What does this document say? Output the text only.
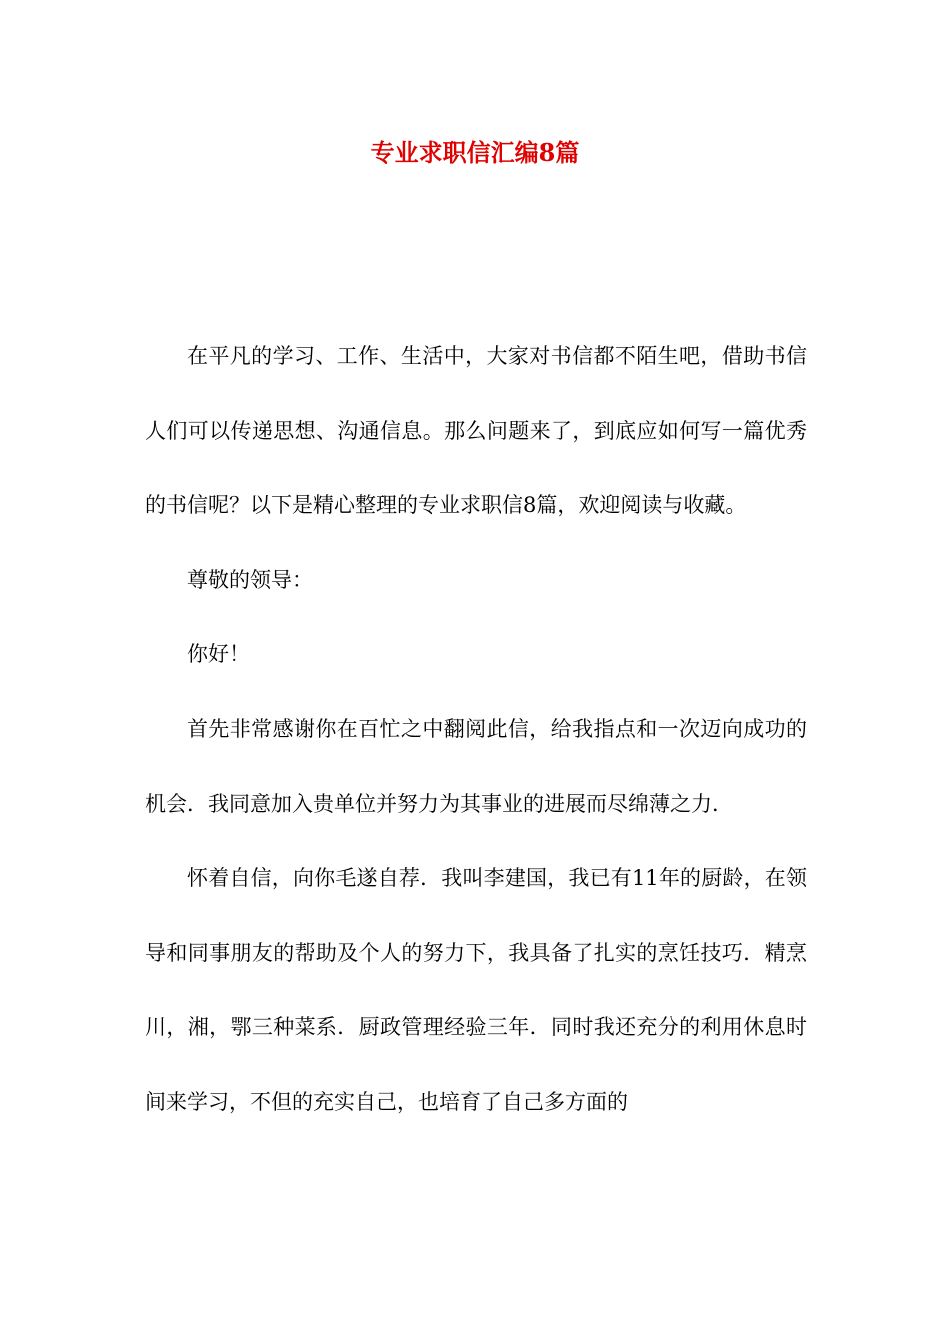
专业求职信汇编8篇

在平凡的学习、工作、生活中，大家对书信都不陌生吧，借助书信人们可以传递思想、沟通信息。那么问题来了，到底应如何写一篇优秀的书信呢？以下是精心整理的专业求职信8篇，欢迎阅读与收藏。

尊敬的领导：

你好！

首先非常感谢你在百忙之中翻阅此信，给我指点和一次迈向成功的机会．我同意加入贵单位并努力为其事业的进展而尽绵薄之力．

怀着自信，向你毛遂自荐．我叫李建国，我已有11年的厨龄，在领导和同事朋友的帮助及个人的努力下，我具备了扎实的烹饪技巧．精烹川，湘，鄂三种菜系．厨政管理经验三年．同时我还充分的利用休息时间来学习，不但的充实自己，也培育了自己多方面的
